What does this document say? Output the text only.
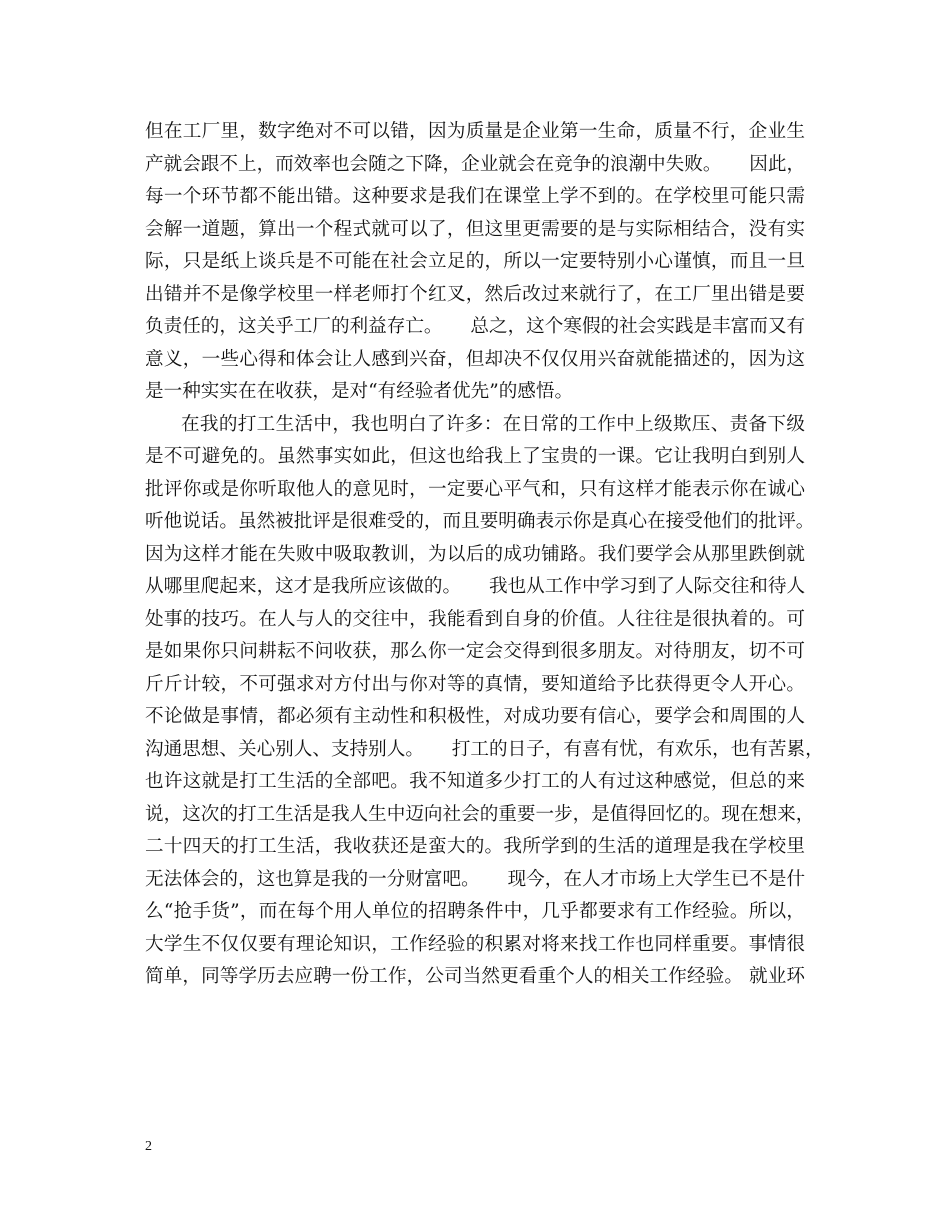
但在工厂里，数字绝对不可以错，因为质量是企业第一生命，质量不行，企业生
产就会跟不上，而效率也会随之下降，企业就会在竞争的浪潮中失败。　　因此，
每一个环节都不能出错。这种要求是我们在课堂上学不到的。在学校里可能只需
会解一道题，算出一个程式就可以了，但这里更需要的是与实际相结合，没有实
际，只是纸上谈兵是不可能在社会立足的，所以一定要特别小心谨慎，而且一旦
出错并不是像学校里一样老师打个红叉，然后改过来就行了，在工厂里出错是要
负责任的，这关乎工厂的利益存亡。　　总之，这个寒假的社会实践是丰富而又有
意义，一些心得和体会让人感到兴奋，但却决不仅仅用兴奋就能描述的，因为这
是一种实实在在收获，是对“有经验者优先”的感悟。
在我的打工生活中，我也明白了许多：在日常的工作中上级欺压、责备下级
是不可避免的。虽然事实如此，但这也给我上了宝贵的一课。它让我明白到别人
批评你或是你听取他人的意见时，一定要心平气和，只有这样才能表示你在诚心
听他说话。虽然被批评是很难受的，而且要明确表示你是真心在接受他们的批评。
因为这样才能在失败中吸取教训，为以后的成功铺路。我们要学会从那里跌倒就
从哪里爬起来，这才是我所应该做的。　　我也从工作中学习到了人际交往和待人
处事的技巧。在人与人的交往中，我能看到自身的价值。人往往是很执着的。可
是如果你只问耕耘不问收获，那么你一定会交得到很多朋友。对待朋友，切不可
斤斤计较，不可强求对方付出与你对等的真情，要知道给予比获得更令人开心。
不论做是事情，都必须有主动性和积极性，对成功要有信心，要学会和周围的人
沟通思想、关心别人、支持别人。　　打工的日子，有喜有忧，有欢乐，也有苦累，
也许这就是打工生活的全部吧。我不知道多少打工的人有过这种感觉，但总的来
说，这次的打工生活是我人生中迈向社会的重要一步，是值得回忆的。现在想来，
二十四天的打工生活，我收获还是蛮大的。我所学到的生活的道理是我在学校里
无法体会的，这也算是我的一分财富吧。　　现今，在人才市场上大学生已不是什
么“抢手货”，而在每个用人单位的招聘条件中，几乎都要求有工作经验。所以，
大学生不仅仅要有理论知识，工作经验的积累对将来找工作也同样重要。事情很
简单，同等学历去应聘一份工作，公司当然更看重个人的相关工作经验。 就业环
2
